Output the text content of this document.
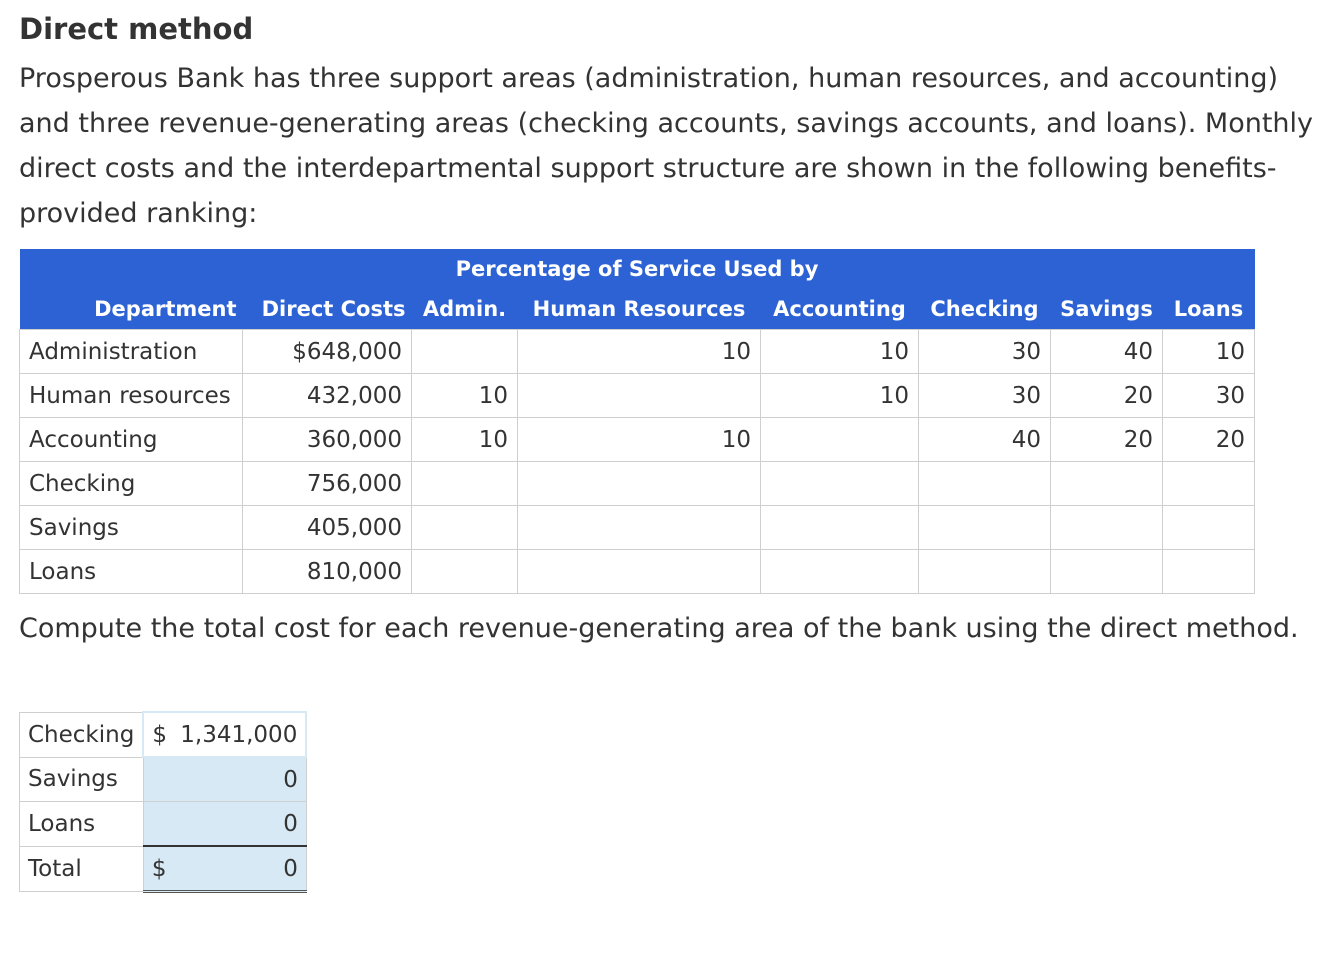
Direct method

Prosperous Bank has three support areas (administration, human resources, and accounting) and three revenue-generating areas (checking accounts, savings accounts, and loans). Monthly direct costs and the interdepartmental support structure are shown in the following benefits-provided ranking:

Percentage of Service Used by							
Department	Direct Costs	Admin.	Human Resources	Accounting	Checking	Savings	Loans
Administration	$648,000		10	10	30	40	10
Human resources	432,000	10		10	30	20	30
Accounting	360,000	10	10		40	20	20
Checking	756,000						
Savings	405,000						
Loans	810,000						

Compute the total cost for each revenue-generating area of the bank using the direct method.

Checking	$ 1,341,000

Savings	0

Loans	0

Total	$ 0
